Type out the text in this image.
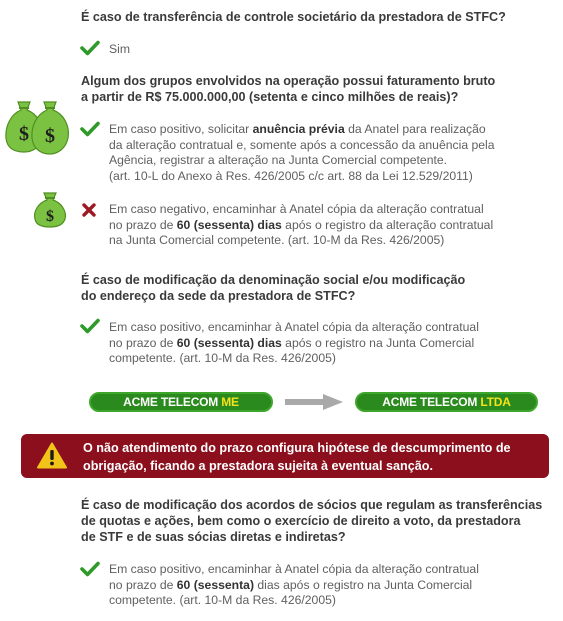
É caso de transferência de controle societário da prestadora de STFC?
Sim
Algum dos grupos envolvidos na operação possui faturamento bruto
a partir de R$ 75.000.000,00 (setenta e cinco milhões de reais)?
$ $	Em caso positivo, solicitar anuência prévia da Anatel para realização
da alteração contratual e, somente após a concessão da anuência pela
Agência, registrar a alteração na Junta Comercial competente.
(art. 10-L do Anexo à Res. 426/2005 c/c art. 88 da Lei 12.529/2011)
$	Em caso negativo, encaminhar à Anatel cópia da alteração contratual
no prazo de 60 (sessenta) dias após o registro da alteração contratual
na Junta Comercial competente. (art. 10-M da Res. 426/2005)
É caso de modificação da denominação social e/ou modificação
do endereço da sede da prestadora de STFC?
Em caso positivo, encaminhar à Anatel cópia da alteração contratual
no prazo de 60 (sessenta) dias após o registro na Junta Comercial
competente. (art. 10-M da Res. 426/2005)
ACME TELECOM ME	ACME TELECOM LTDA
O não atendimento do prazo configura hipótese de descumprimento de
obrigação, ficando a prestadora sujeita à eventual sanção.
É caso de modificação dos acordos de sócios que regulam as transferências
de quotas e ações, bem como o exercício de direito a voto, da prestadora
de STF e de suas sócias diretas e indiretas?
Em caso positivo, encaminhar à Anatel cópia da alteração contratual
no prazo de 60 (sessenta) dias após o registro na Junta Comercial
competente. (art. 10-M da Res. 426/2005)
